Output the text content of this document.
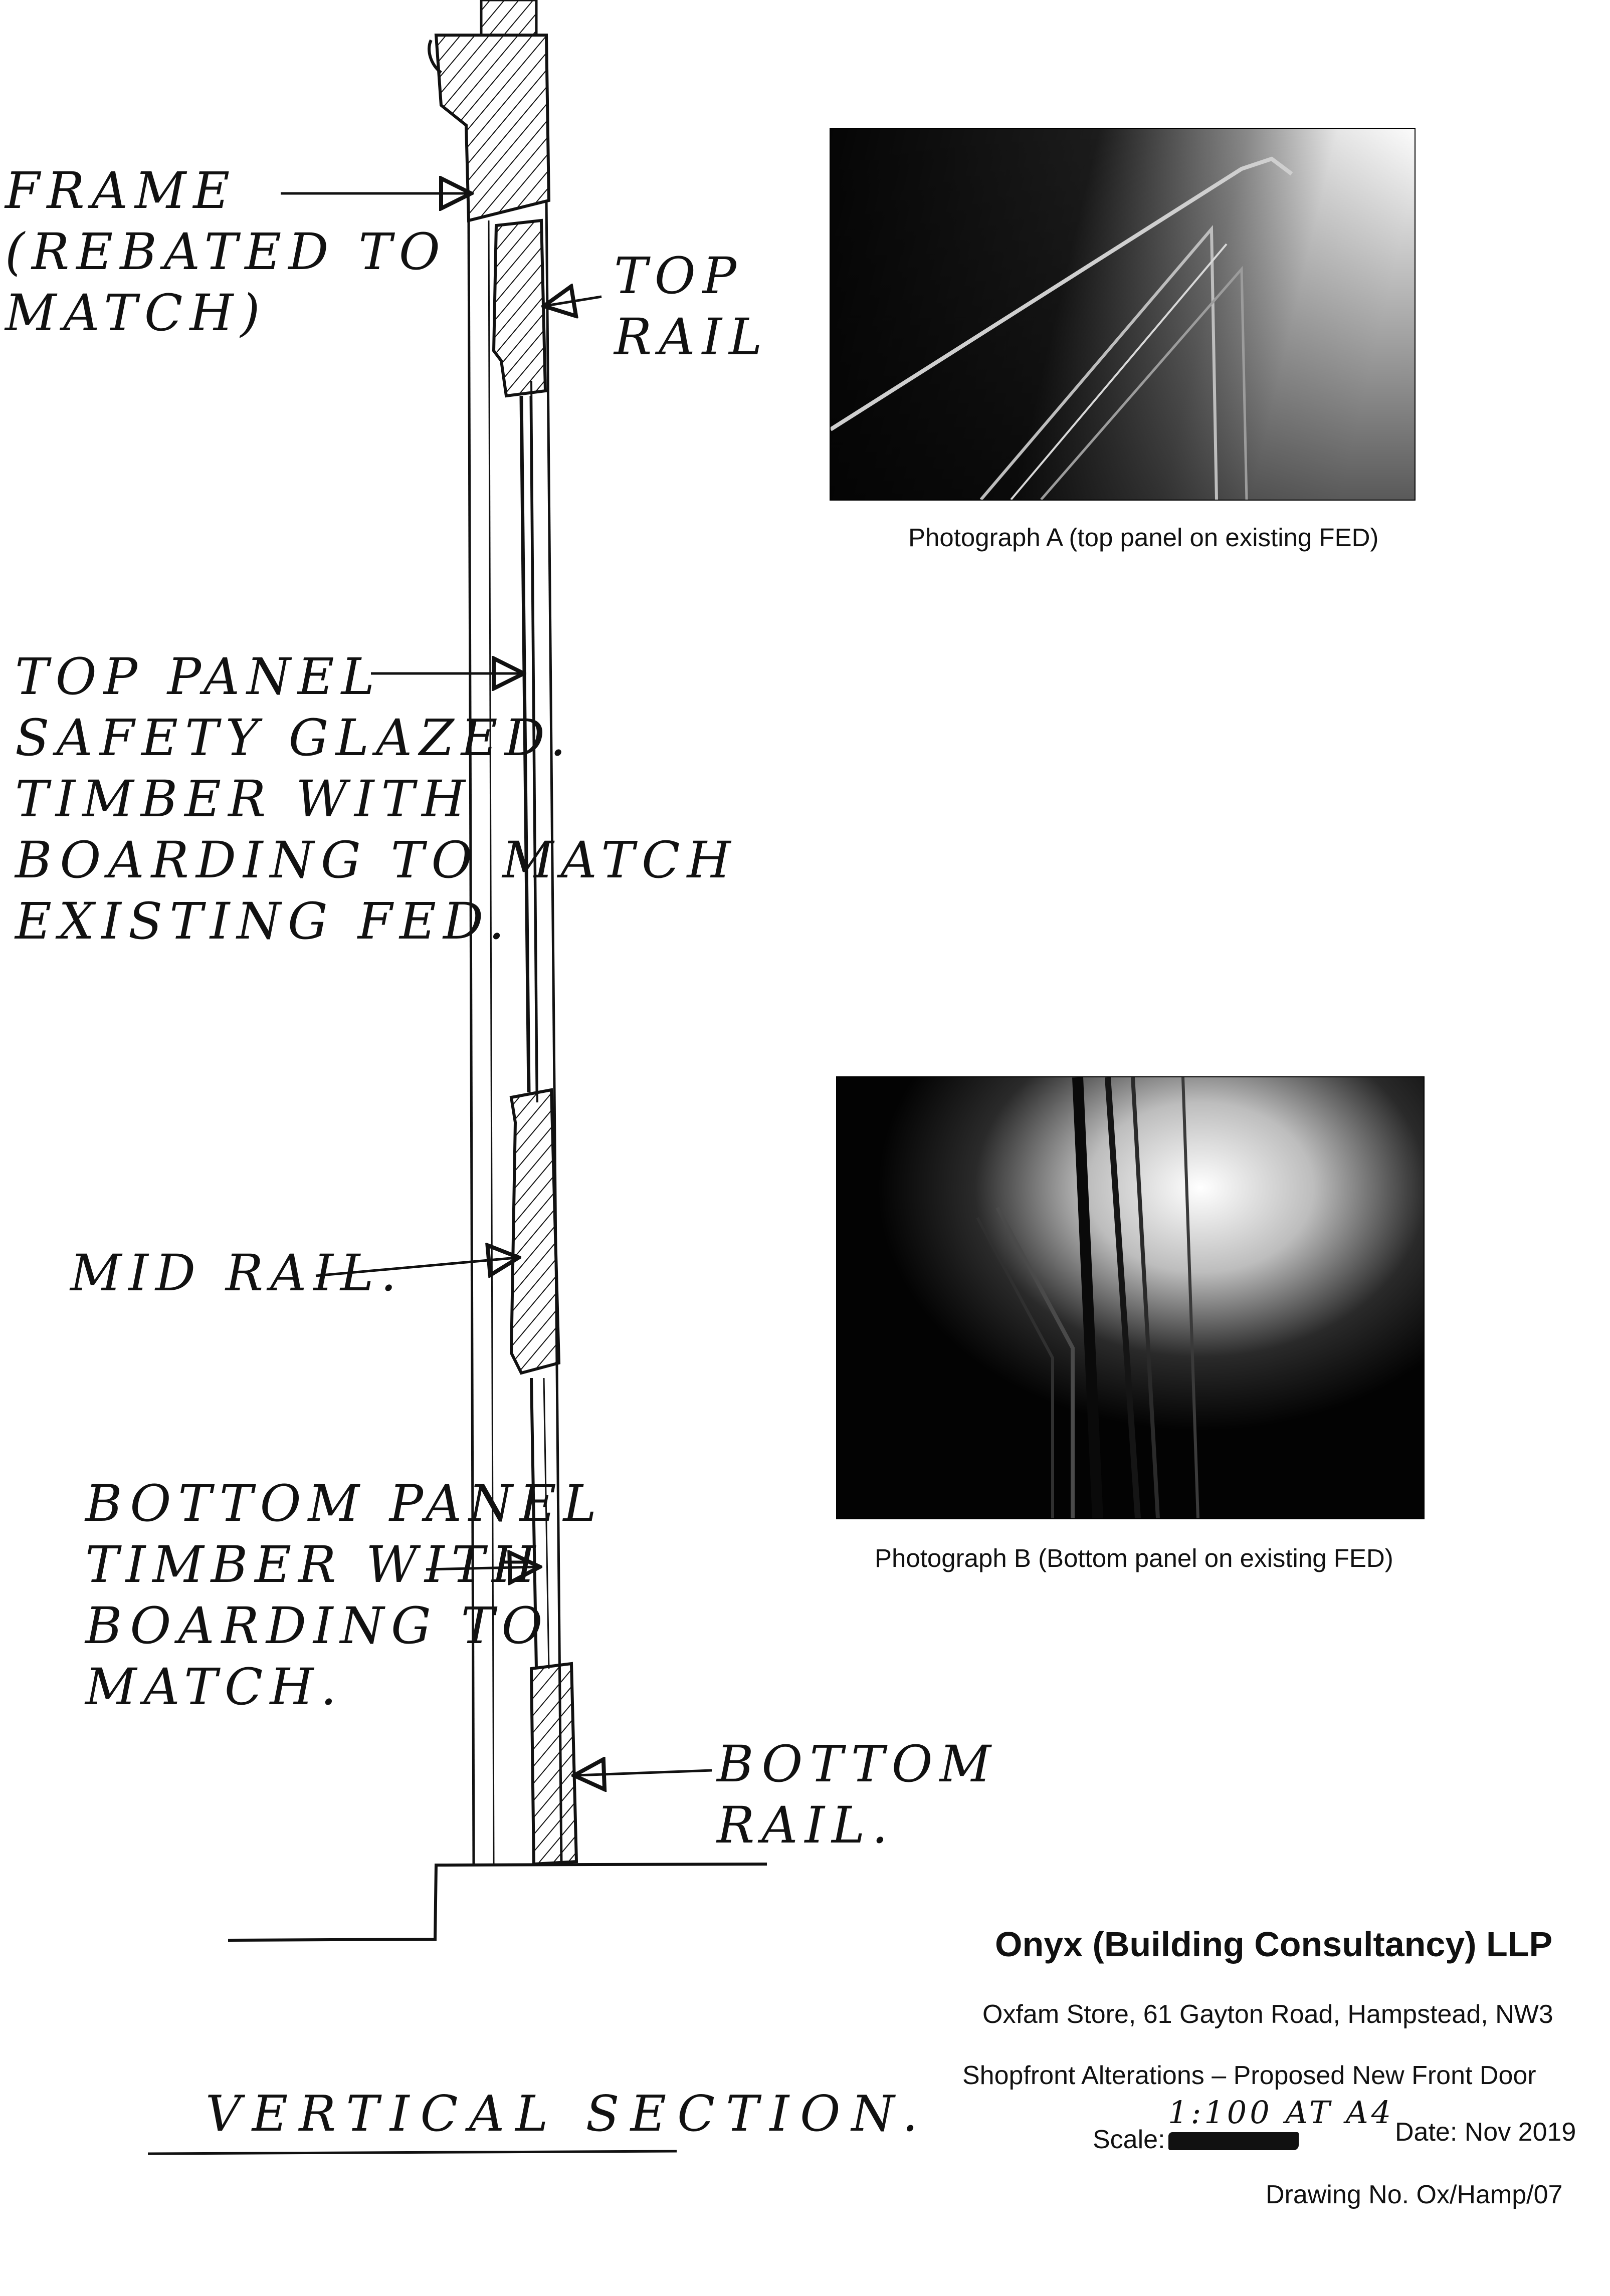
FRAME
(REBATED TO
MATCH)
TOP
RAIL
TOP PANEL
SAFETY GLAZED.
TIMBER WITH
BOARDING TO MATCH
EXISTING FED.
MID RAIL.
BOTTOM PANEL
TIMBER WITH
BOARDING TO
MATCH.
BOTTOM
RAIL.
VERTICAL SECTION.
Photograph A (top panel on existing FED)
Photograph B (Bottom panel on existing FED)
Onyx (Building Consultancy) LLP
Oxfam Store, 61 Gayton Road, Hampstead, NW3
Shopfront Alterations – Proposed New Front Door
1:100 AT A4
Scale:	Date: Nov 2019
Drawing No. Ox/Hamp/07
